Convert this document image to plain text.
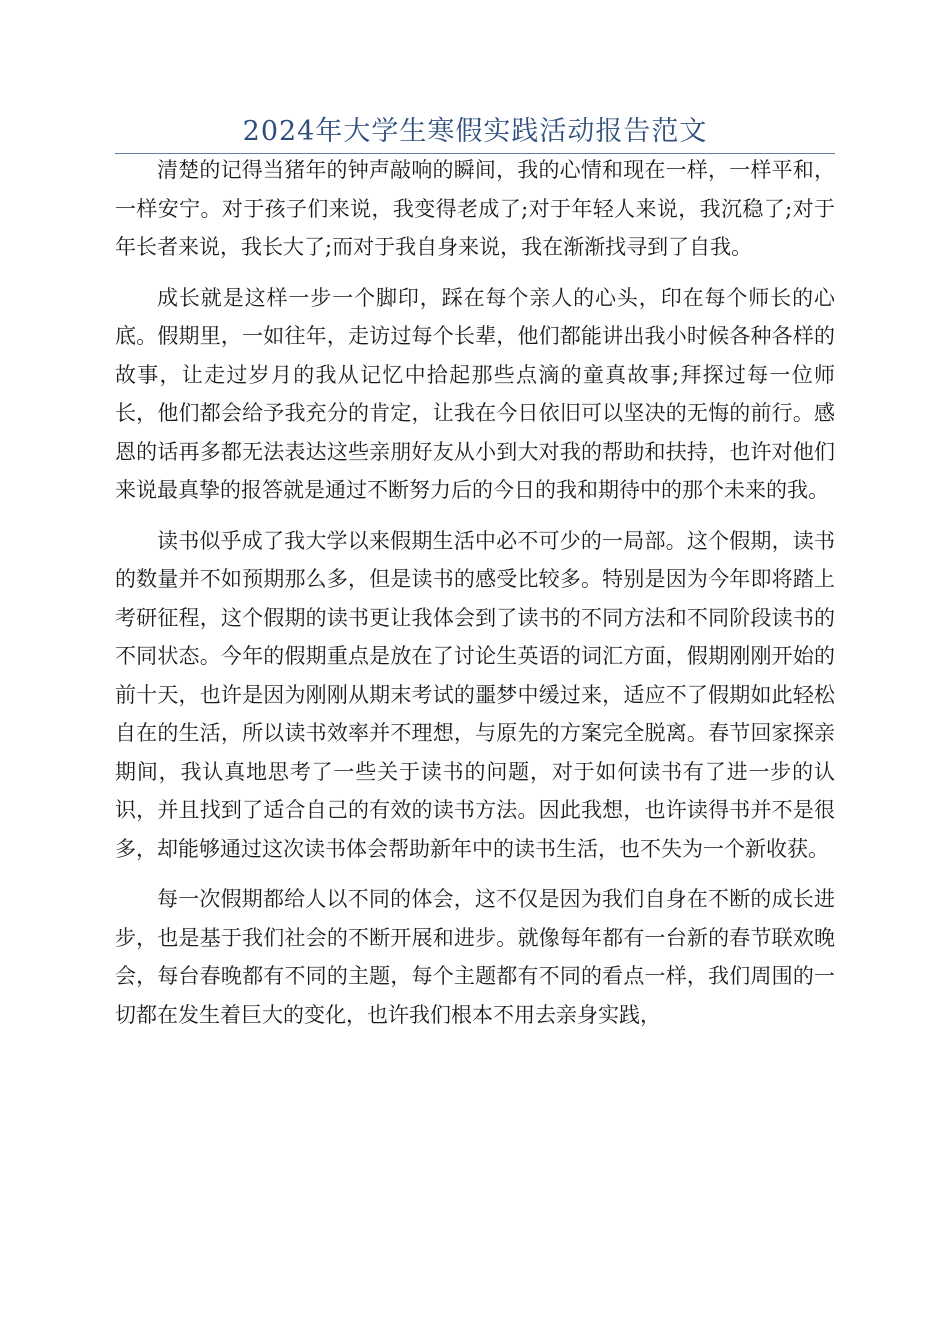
2024年大学生寒假实践活动报告范文

清楚的记得当猪年的钟声敲响的瞬间，我的心情和现在一样，一样平和，一样安宁。对于孩子们来说，我变得老成了;对于年轻人来说，我沉稳了;对于年长者来说，我长大了;而对于我自身来说，我在渐渐找寻到了自我。

成长就是这样一步一个脚印，踩在每个亲人的心头，印在每个师长的心底。假期里，一如往年，走访过每个长辈，他们都能讲出我小时候各种各样的故事，让走过岁月的我从记忆中拾起那些点滴的童真故事;拜探过每一位师长，他们都会给予我充分的肯定，让我在今日依旧可以坚决的无悔的前行。感恩的话再多都无法表达这些亲朋好友从小到大对我的帮助和扶持，也许对他们来说最真挚的报答就是通过不断努力后的今日的我和期待中的那个未来的我。

读书似乎成了我大学以来假期生活中必不可少的一局部。这个假期，读书的数量并不如预期那么多，但是读书的感受比较多。特别是因为今年即将踏上考研征程，这个假期的读书更让我体会到了读书的不同方法和不同阶段读书的不同状态。今年的假期重点是放在了讨论生英语的词汇方面，假期刚刚开始的前十天，也许是因为刚刚从期末考试的噩梦中缓过来，适应不了假期如此轻松自在的生活，所以读书效率并不理想，与原先的方案完全脱离。春节回家探亲期间，我认真地思考了一些关于读书的问题，对于如何读书有了进一步的认识，并且找到了适合自己的有效的读书方法。因此我想，也许读得书并不是很多，却能够通过这次读书体会帮助新年中的读书生活，也不失为一个新收获。

每一次假期都给人以不同的体会，这不仅是因为我们自身在不断的成长进步，也是基于我们社会的不断开展和进步。就像每年都有一台新的春节联欢晚会，每台春晚都有不同的主题，每个主题都有不同的看点一样，我们周围的一切都在发生着巨大的变化，也许我们根本不用去亲身实践，
